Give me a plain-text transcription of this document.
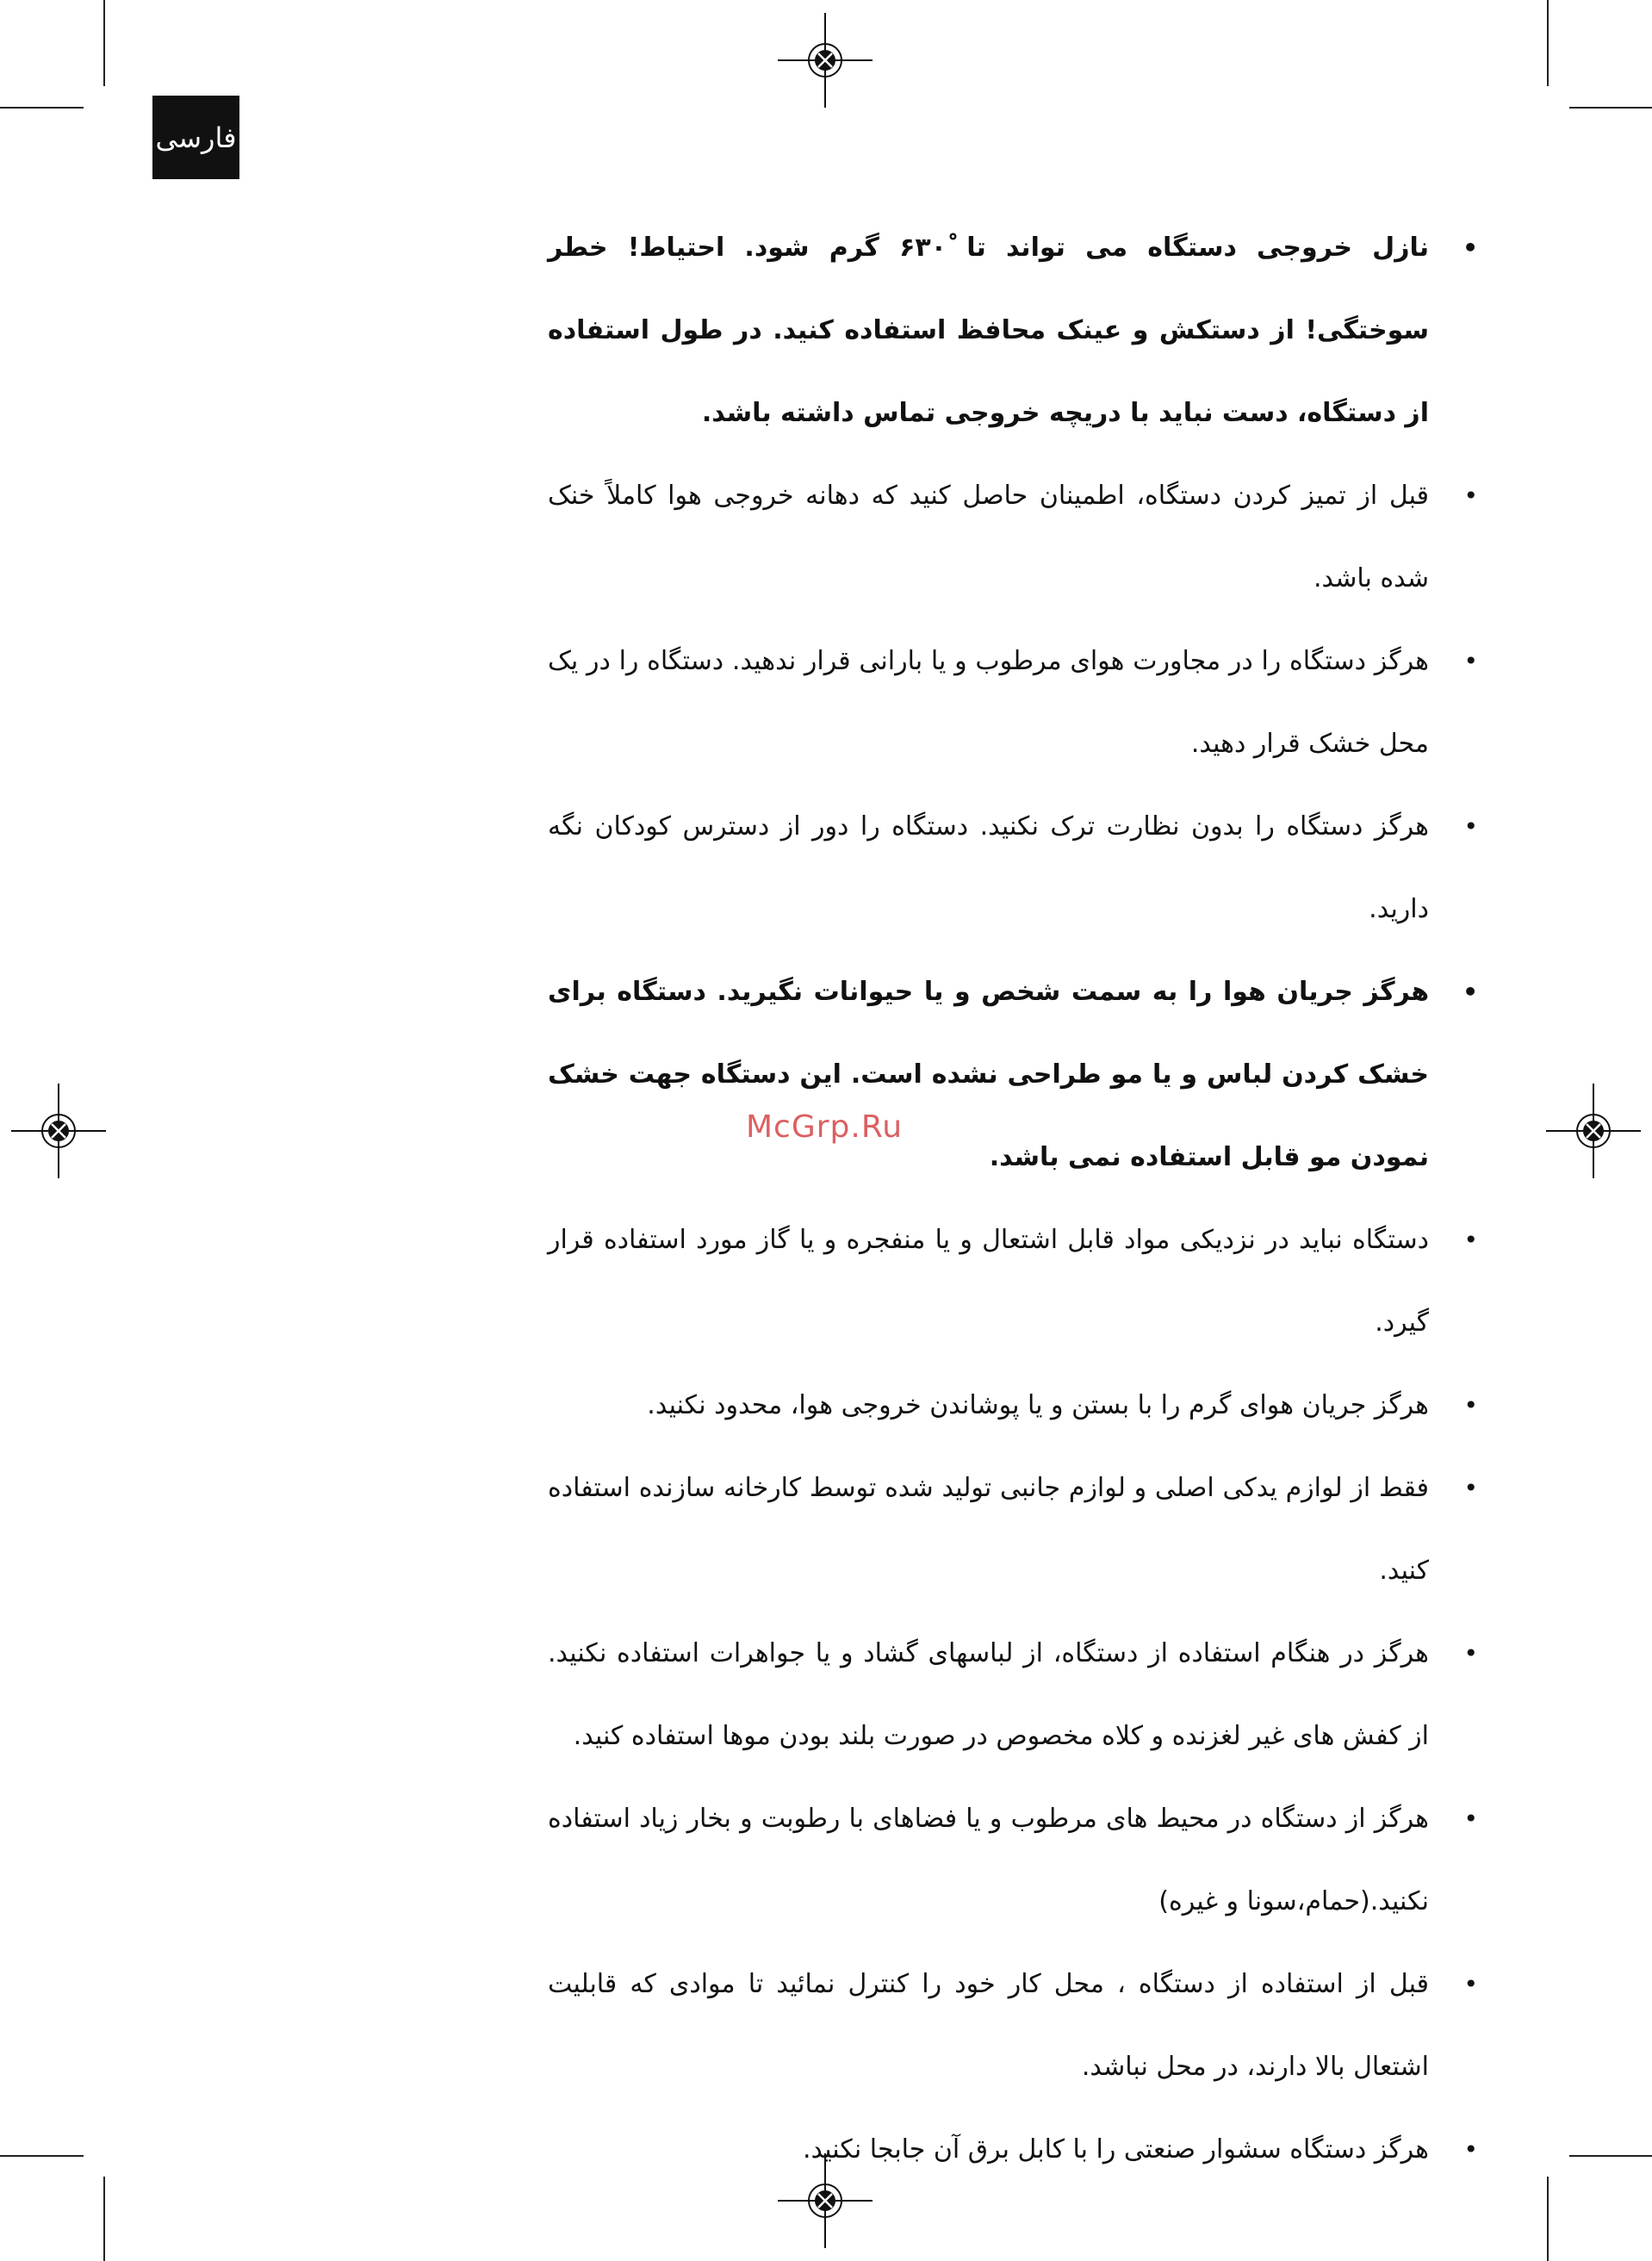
فارسی
•
نازل خروجی دستگاه می تواند تا ۶۳۰ْ گرم شود. احتیاط! خطر سوختگی! از دستکش و عینک محافظ استفاده کنید. در طول استفاده از دستگاه، دست نباید با دریچه خروجی تماس داشته باشد.
•
قبل از تمیز کردن دستگاه، اطمینان حاصل کنید که دهانه خروجی هوا کاملاً خنک شده باشد.
•
هرگز دستگاه را در مجاورت هوای مرطوب و یا بارانی قرار ندهید. دستگاه را در یک محل خشک قرار دهید.
•
هرگز دستگاه را بدون نظارت ترک نکنید. دستگاه را دور از دسترس کودکان نگه دارید.
•
هرگز جریان هوا را به سمت شخص و یا حیوانات نگیرید. دستگاه برای خشک کردن لباس و یا مو طراحی نشده است. این دستگاه جهت خشک نمودن مو قابل استفاده نمی باشد.
•
دستگاه نباید در نزدیکی مواد قابل اشتعال و یا منفجره و یا گاز مورد استفاده قرار گیرد.
•
هرگز جریان هوای گرم را با بستن و یا پوشاندن خروجی هوا، محدود نکنید.
•
فقط از لوازم یدکی اصلی و لوازم جانبی تولید شده توسط کارخانه سازنده استفاده کنید.
•
هرگز در هنگام استفاده از دستگاه، از لباسهای گشاد و یا جواهرات استفاده نکنید. از کفش های غیر لغزنده و کلاه مخصوص در صورت بلند بودن موها استفاده کنید.
•
هرگز از دستگاه در محیط های مرطوب و یا فضاهای با رطوبت و بخار زیاد استفاده نکنید.(حمام،سونا و غیره)
•
قبل از استفاده از دستگاه ، محل کار خود را کنترل نمائید تا موادی که قابلیت اشتعال بالا دارند، در محل نباشد.
•
هرگز دستگاه سشوار صنعتی را با کابل برق آن جابجا نکنید.
McGrp.Ru
